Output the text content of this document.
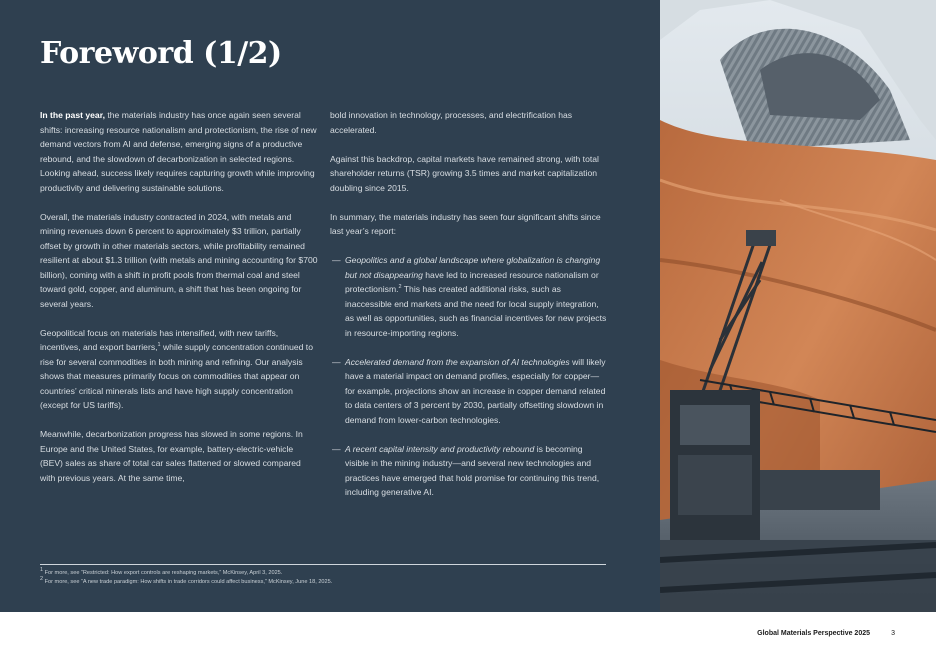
Foreword (1/2)

In the past year, the materials industry has once again seen several shifts: increasing resource nationalism and protectionism, the rise of new demand vectors from AI and defense, emerging signs of a productive rebound, and the slowdown of decarbonization in selected regions. Looking ahead, success likely requires capturing growth while improving productivity and delivering sustainable solutions.

Overall, the materials industry contracted in 2024, with metals and mining revenues down 6 percent to approximately $3 trillion, partially offset by growth in other materials sectors, while profitability remained resilient at about $1.3 trillion (with metals and mining accounting for $700 billion), coming with a shift in profit pools from thermal coal and steel toward gold, copper, and aluminum, a shift that has been ongoing for several years.

Geopolitical focus on materials has intensified, with new tariffs, incentives, and export barriers,$^1$ while supply concentration continued to rise for several commodities in both mining and refining. Our analysis shows that measures primarily focus on commodities that appear on countries’ critical minerals lists and have high supply concentration (except for US tariffs).

Meanwhile, decarbonization progress has slowed in some regions. In Europe and the United States, for example, battery-electric-vehicle (BEV) sales as share of total car sales flattened or slowed compared with previous years. At the same time,

bold innovation in technology, processes, and electrification has accelerated.

Against this backdrop, capital markets have remained strong, with total shareholder returns (TSR) growing 3.5 times and market capitalization doubling since 2015.

In summary, the materials industry has seen four significant shifts since last year’s report:

— Geopolitics and a global landscape where globalization is changing but not disappearing have led to increased resource nationalism or protectionism.$^2$ This has created additional risks, such as inaccessible end markets and the need for local supply integration, as well as opportunities, such as financial incentives for new projects in resource-importing regions.
— Accelerated demand from the expansion of AI technologies will likely have a material impact on demand profiles, especially for copper—for example, projections show an increase in copper demand related to data centers of 3 percent by 2030, partially offsetting slowdown in demand from lower-carbon technologies.
— A recent capital intensity and productivity rebound is becoming visible in the mining industry—and several new technologies and practices have emerged that hold promise for continuing this trend, including generative AI.
$^1$ For more, see “Restricted: How export controls are reshaping markets,” McKinsey, April 3, 2025.
$^2$ For more, see “A new trade paradigm: How shifts in trade corridors could affect business,” McKinsey, June 18, 2025.
Global Materials Perspective 2025	3
